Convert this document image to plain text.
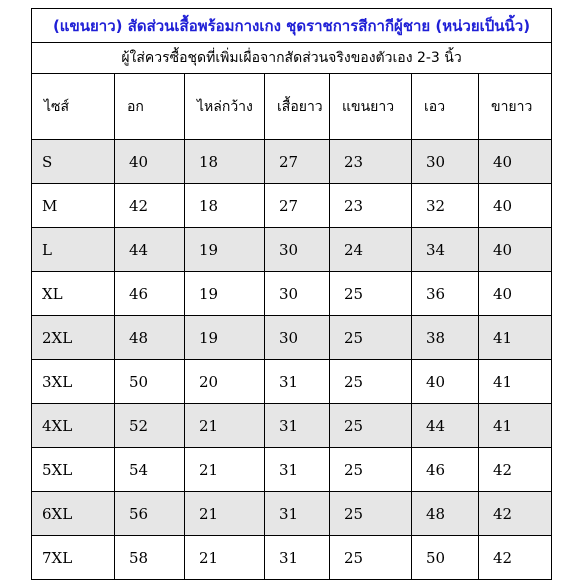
(แขนยาว) สัดส่วนเสื้อพร้อมกางเกง ชุดราชการสีกากีผู้ชาย (หน่วยเป็นนิ้ว)						
ผู้ใส่ควรซื้อชุดที่เพิ่มเผื่อจากสัดส่วนจริงของตัวเอง 2-3 นิ้ว						
ไซส์	อก	ไหล่กว้าง	เสื้อยาว	แขนยาว	เอว	ขายาว
S	40	18	27	23	30	40
M	42	18	27	23	32	40
L	44	19	30	24	34	40
XL	46	19	30	25	36	40
2XL	48	19	30	25	38	41
3XL	50	20	31	25	40	41
4XL	52	21	31	25	44	41
5XL	54	21	31	25	46	42
6XL	56	21	31	25	48	42
7XL	58	21	31	25	50	42
